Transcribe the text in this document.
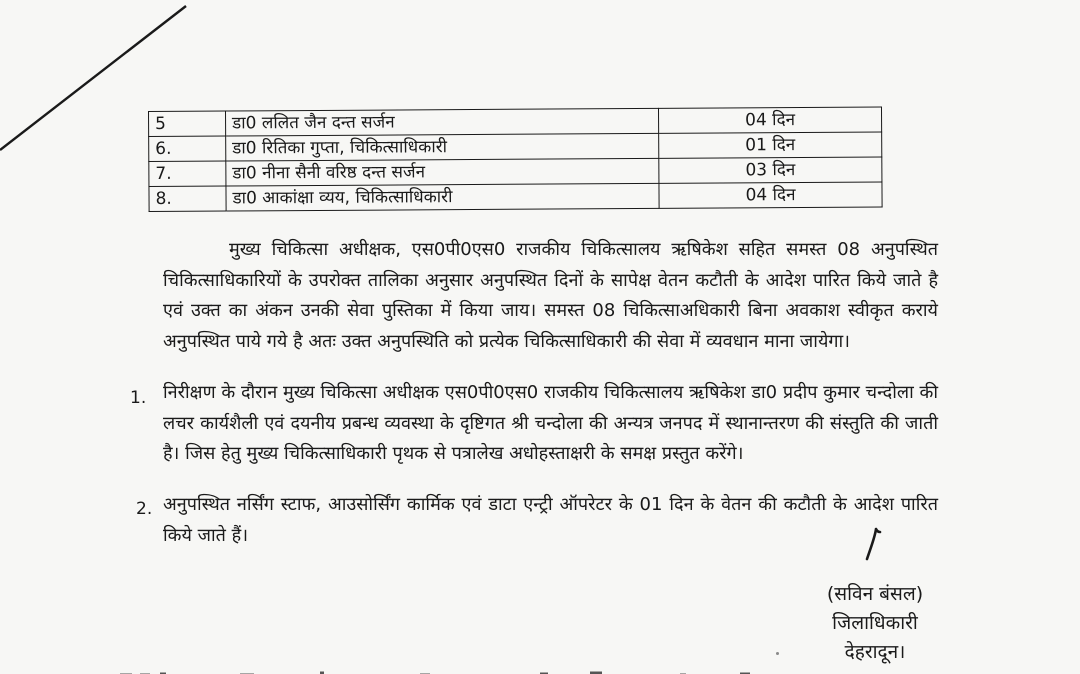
5	डा0 ललित जैन दन्त सर्जन	04 दिन
6.	डा0 रितिका गुप्ता, चिकित्साधिकारी	01 दिन
7.	डा0 नीना सैनी वरिष्ठ दन्त सर्जन	03 दिन
8.	डा0 आकांक्षा व्यय, चिकित्साधिकारी	04 दिन

मुख्य चिकित्सा अधीक्षक, एस0पी0एस0 राजकीय चिकित्सालय ऋषिकेश सहित समस्त 08 अनुपस्थित चिकित्साधिकारियों के उपरोक्त तालिका अनुसार अनुपस्थित दिनों के सापेक्ष वेतन कटौती के आदेश पारित किये जाते है एवं उक्त का अंकन उनकी सेवा पुस्तिका में किया जाय। समस्त 08 चिकित्साअधिकारी बिना अवकाश स्वीकृत कराये अनुपस्थित पाये गये है अतः उक्त अनुपस्थिति को प्रत्येक चिकित्साधिकारी की सेवा में व्यवधान माना जायेगा।

1. निरीक्षण के दौरान मुख्य चिकित्सा अधीक्षक एस0पी0एस0 राजकीय चिकित्सालय ऋषिकेश डा0 प्रदीप कुमार चन्दोला की लचर कार्यशैली एवं दयनीय प्रबन्ध व्यवस्था के दृष्टिगत श्री चन्दोला की अन्यत्र जनपद में स्थानान्तरण की संस्तुति की जाती है। जिस हेतु मुख्य चिकित्साधिकारी पृथक से पत्रालेख अधोहस्ताक्षरी के समक्ष प्रस्तुत करेंगे।

2. अनुपस्थित नर्सिंग स्टाफ, आउसोर्सिंग कार्मिक एवं डाटा एन्ट्री ऑपरेटर के 01 दिन के वेतन की कटौती के आदेश पारित किये जाते हैं।

(सविन बंसल)
जिलाधिकारी
देहरादून।
